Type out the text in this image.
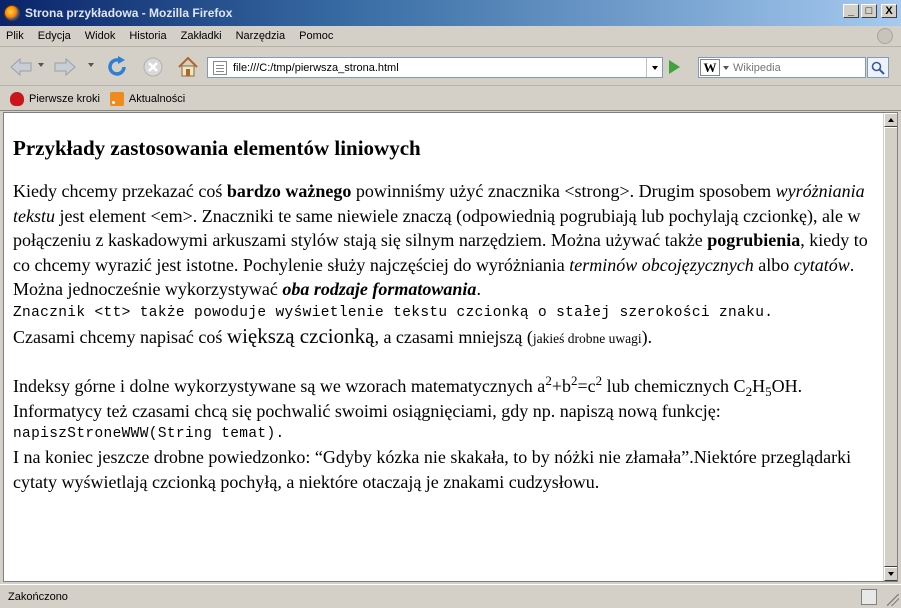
Strona przykładowa - Mozilla Firefox	_	□	X
Plik Edycja Widok Historia Zakładki Narzędzia Pomoc
file:///C:/tmp/pierwsza_strona.html	W
Wikipedia
Pierwsze kroki	Aktualności
Przykłady zastosowania elementów liniowych

Kiedy chcemy przekazać coś bardzo ważnego powinniśmy użyć znacznika <strong>. Drugim sposobem wyróżniania tekstu jest element <em>. Znaczniki te same niewiele znaczą (odpowiednią pogrubiają lub pochylają czcionkę), ale w połączeniu z kaskadowymi arkuszami stylów stają się silnym narzędziem. Można używać także pogrubienia, kiedy to co chcemy wyrazić jest istotne. Pochylenie służy najczęściej do wyróżniania terminów obcojęzycznych albo cytatów. Można jednocześnie wykorzystywać oba rodzaje formatowania.

Znacznik <tt> także powoduje wyświetlenie tekstu czcionką o stałej szerokości znaku.

Czasami chcemy napisać coś większą czcionką, a czasami mniejszą (jakieś drobne uwagi).

Indeksy górne i dolne wykorzystywane są we wzorach matematycznych $a^2+b^2=c^2$ lub chemicznych $C_2H_5OH$.

Informatycy też czasami chcą się pochwalić swoimi osiągnięciami, gdy np. napiszą nową funkcję:

napiszStroneWWW(String temat).

I na koniec jeszcze drobne powiedzonko: “Gdyby kózka nie skakała, to by nóżki nie złamała”.Niektóre przeglądarki cytaty wyświetlają czcionką pochyłą, a niektóre otaczają je znakami cudzysłowu.

Zakończono
